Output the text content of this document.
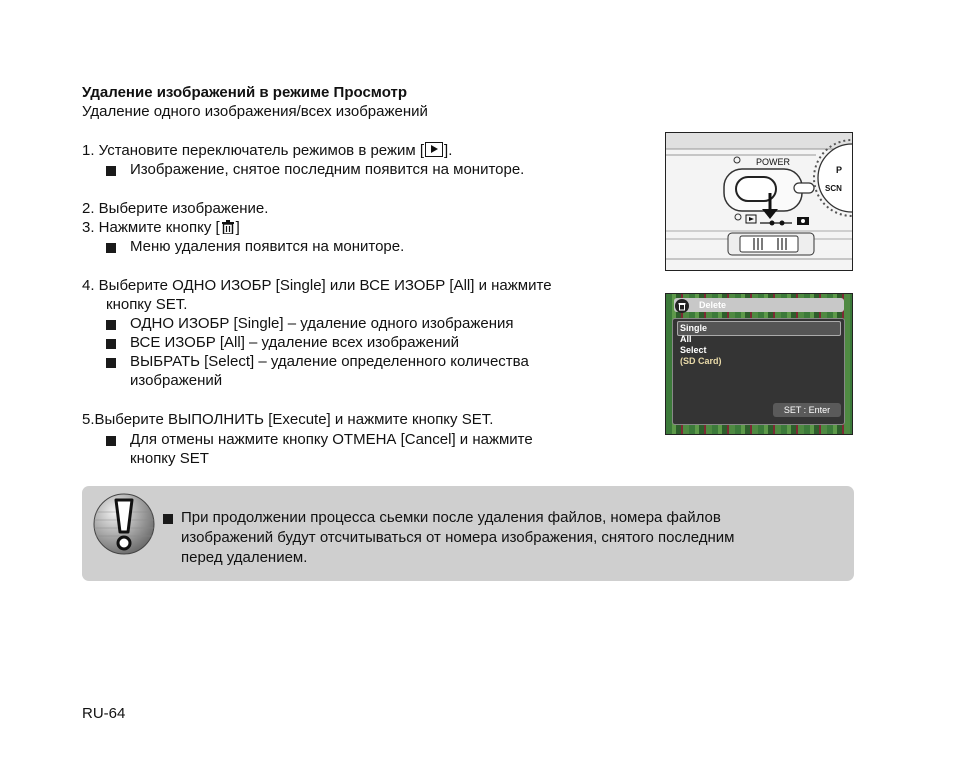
Удаление изображений в режиме Просмотр
Удаление одного изображения/всех изображений
1. Установите переключатель режимов в режим [ ].
Изображение, снятое последним появится на мониторе.
2. Выберите изображение.
3. Нажмите кнопку [ ]
Меню удаления появится на мониторе.
4. Выберите ОДНО ИЗОБР [Single] или ВСЕ ИЗОБР [All] и нажмите
кнопку SET.
ОДНО ИЗОБР [Single] – удаление одного изображения
ВСЕ ИЗОБР [All] – удаление всех изображений
ВЫБРАТЬ [Select] – удаление определенного количества
изображений
5.Выберите ВЫПОЛНИТЬ [Execute] и нажмите кнопку SET.
Для отмены нажмите кнопку ОТМЕНА [Cancel] и нажмите
кнопку SET
POWER
P
SCN
Delete
Single
All
Select
(SD Card)
SET : Enter
При продолжении процесса сьемки после удаления файлов, номера файлов
изображений будут отсчитываться от номера изображения, снятого последним
перед удалением.
RU-64
